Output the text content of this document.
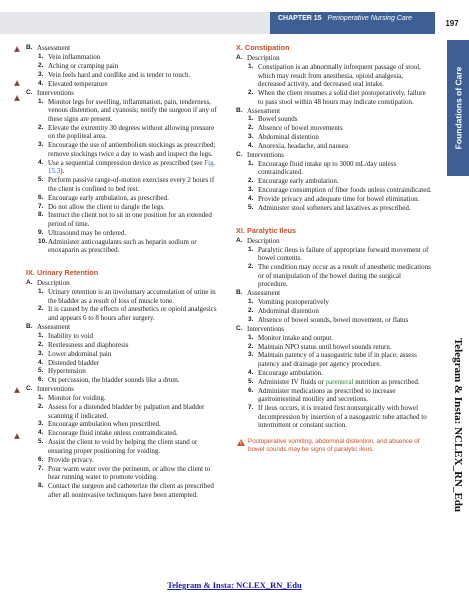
CHAPTER 15 Perioperative Nursing Care	197
Foundations of Care
Telegram & Insta: NCLEX_RN_Edu
B. Assessment
1. Vein inflammation
2. Aching or cramping pain
3. Vein feels hard and cordlike and is tender to touch.
4. Elevated temperature
C. Interventions
1. Monitor legs for swelling, inflammation, pain, tenderness, venous distention, and cyanosis; notify the surgeon if any of these signs are present.
2. Elevate the extremity 30 degrees without allowing pressure on the popliteal area.
3. Encourage the use of antiembolism stockings as prescribed; remove stockings twice a day to wash and inspect the legs.
4. Use a sequential compression device as prescribed (see Fig. 15.3).
5. Perform passive range-of-motion exercises every 2 hours if the client is confined to bed rest.
6. Encourage early ambulation, as prescribed.
7. Do not allow the client to dangle the legs.
8. Instruct the client not to sit in one position for an extended period of time.
9. Ultrasound may be ordered.
10. Administer anticoagulants such as heparin sodium or enoxaparin as prescribed.
IX. Urinary Retention
A. Description
1. Urinary retention is an involuntary accumulation of urine in the bladder as a result of loss of muscle tone.
2. It is caused by the effects of anesthetics or opioid analgesics and appears 6 to 8 hours after surgery.
B. Assessment
1. Inability to void
2. Restlessness and diaphoresis
3. Lower abdominal pain
4. Distended bladder
5. Hypertension
6. On percussion, the bladder sounds like a drum.
C. Interventions
1. Monitor for voiding.
2. Assess for a distended bladder by palpation and bladder scanning if indicated.
3. Encourage ambulation when prescribed.
4. Encourage fluid intake unless contraindicated.
5. Assist the client to void by helping the client stand or ensuring proper positioning for voiding.
6. Provide privacy.
7. Pour warm water over the perineum, or allow the client to hear running water to promote voiding.
8. Contact the surgeon and catheterize the client as prescribed after all noninvasive techniques have been attempted.
X. Constipation
A. Description
1. Constipation is an abnormally infrequent passage of stool, which may result from anesthesia, opioid analgesia, decreased activity, and decreased oral intake.
2. When the client resumes a solid diet postoperatively, failure to pass stool within 48 hours may indicate constipation.
B. Assessment
1. Bowel sounds
2. Absence of bowel movements
3. Abdominal distention
4. Anorexia, headache, and nausea
C. Interventions
1. Encourage fluid intake up to 3000 mL/day unless contraindicated.
2. Encourage early ambulation.
3. Encourage consumption of fiber foods unless contraindicated.
4. Provide privacy and adequate time for bowel elimination.
5. Administer stool softeners and laxatives as prescribed.
XI. Paralytic Ileus
A. Description
1. Paralytic ileus is failure of appropriate forward movement of bowel contents.
2. The condition may occur as a result of anesthetic medications or of manipulation of the bowel during the surgical procedure.
B. Assessment
1. Vomiting postoperatively
2. Abdominal distention
3. Absence of bowel sounds, bowel movement, or flatus
C. Interventions
1. Monitor intake and output.
2. Maintain NPO status until bowel sounds return.
3. Maintain patency of a nasogastric tube if in place; assess patency and drainage per agency procedure.
4. Encourage ambulation.
5. Administer IV fluids or parenteral nutrition as prescribed.
6. Administer medications as prescribed to increase gastrointestinal motility and secretions.
7. If ileus occurs, it is treated first nonsurgically with bowel decompression by insertion of a nasogastric tube attached to intermittent or constant suction.
! Postoperative vomiting, abdominal distention, and absence of bowel sounds may be signs of paralytic ileus.
Telegram & Insta: NCLEX_RN_Edu
